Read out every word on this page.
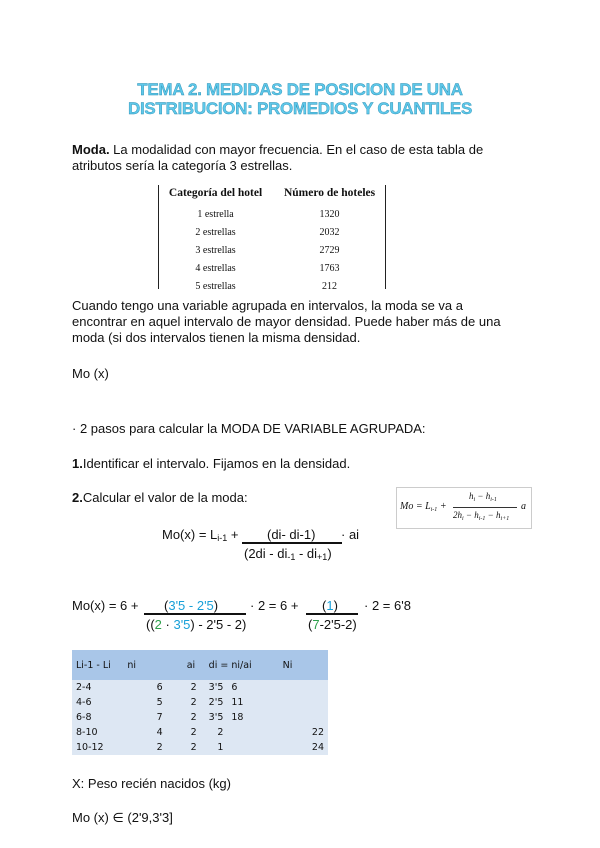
TEMA 2. MEDIDAS DE POSICION DE UNA
DISTRIBUCION: PROMEDIOS Y CUANTILES
Moda. La modalidad con mayor frecuencia. En el caso de esta tabla de
atributos sería la categoría 3 estrellas.
Categoría del hotel	Número de hoteles
1 estrella	1320
2 estrellas	2032
3 estrellas	2729
4 estrellas	1763
5 estrellas	212
Cuando tengo una variable agrupada en intervalos, la moda se va a
encontrar en aquel intervalo de mayor densidad. Puede haber más de una
moda (si dos intervalos tienen la misma densidad.
Mo (x)
· 2 pasos para calcular la MODA DE VARIABLE AGRUPADA:
1.Identificar el intervalo. Fijamos en la densidad.
2.Calcular el valor de la moda:
$Mo = L_{i-1}$ +
$h_i - h_{i-1}$
$2h_i - h_{i-1} - h_{i+1}$
a
$Mo(x) = L_{i-1} + (di-$ di-1) · ai
$(2di - di_{-1} - di_{+1})$
Mo(x) = 6 + (3'5 - 2'5)
((2 · 3'5) - 2'5 - 2)
· 2 = 6 + (1)
(7-2'5-2)
· 2 = 6'8
Li-1 - Li	ni	ai	di = ni/ai		Ni
2-4	6	2	3'5	6	
4-6	5	2	2'5	11	
6-8	7	2	3'5	18	
8-10	4	2	2		22
10-12	2	2	1		24
X: Peso recién nacidos (kg)
Mo (x) ∈ (2'9,3'3]
